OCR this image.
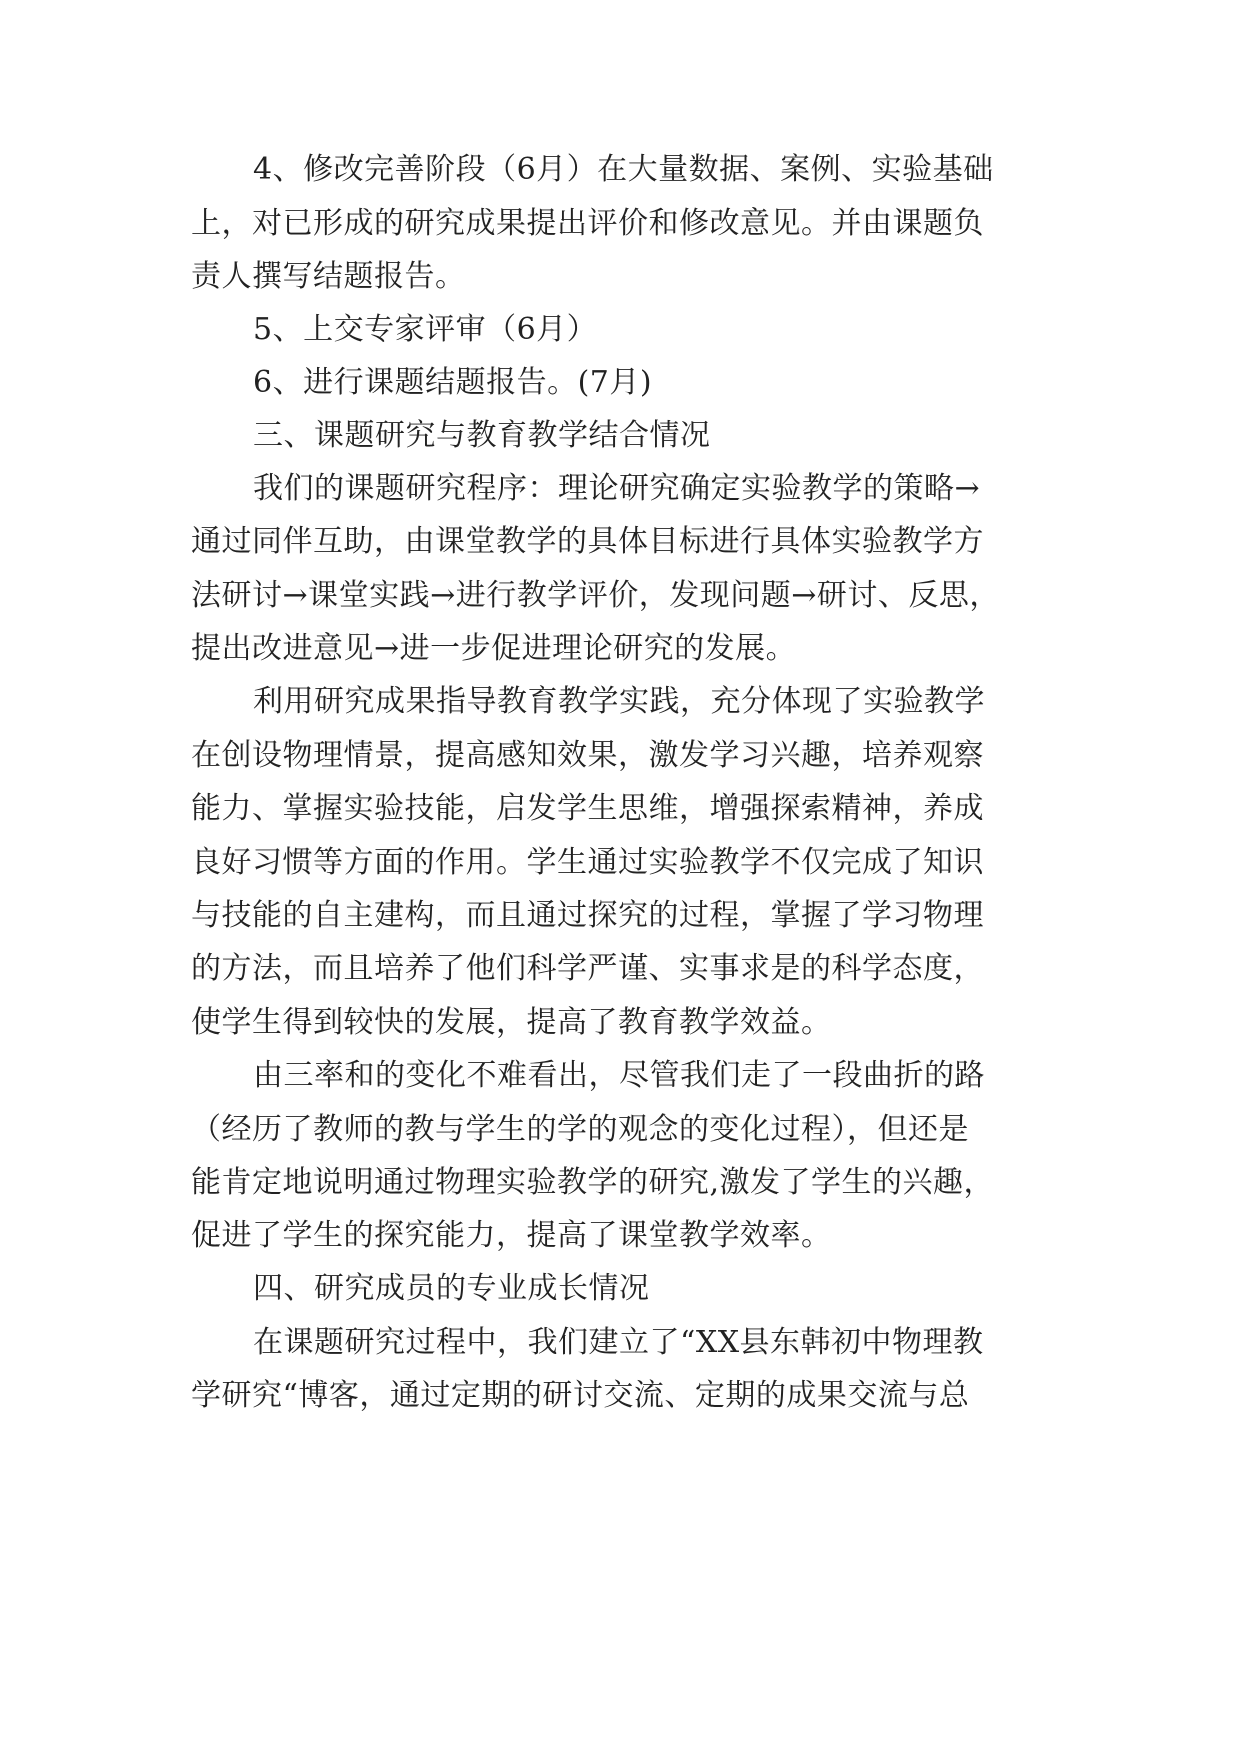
4、修改完善阶段（6月）在大量数据、案例、实验基础
上，对已形成的研究成果提出评价和修改意见。并由课题负
责人撰写结题报告。
5、上交专家评审（6月）
6、进行课题结题报告。(7月)
三、课题研究与教育教学结合情况
我们的课题研究程序：理论研究确定实验教学的策略→
通过同伴互助，由课堂教学的具体目标进行具体实验教学方
法研讨→课堂实践→进行教学评价，发现问题→研讨、反思，
提出改进意见→进一步促进理论研究的发展。
利用研究成果指导教育教学实践，充分体现了实验教学
在创设物理情景，提高感知效果，激发学习兴趣，培养观察
能力、掌握实验技能，启发学生思维，增强探索精神，养成
良好习惯等方面的作用。学生通过实验教学不仅完成了知识
与技能的自主建构，而且通过探究的过程，掌握了学习物理
的方法，而且培养了他们科学严谨、实事求是的科学态度，
使学生得到较快的发展，提高了教育教学效益。
由三率和的变化不难看出，尽管我们走了一段曲折的路
（经历了教师的教与学生的学的观念的变化过程），但还是
能肯定地说明通过物理实验教学的研究,激发了学生的兴趣，
促进了学生的探究能力，提高了课堂教学效率。
四、研究成员的专业成长情况
在课题研究过程中，我们建立了“XX县东韩初中物理教
学研究“博客，通过定期的研讨交流、定期的成果交流与总
